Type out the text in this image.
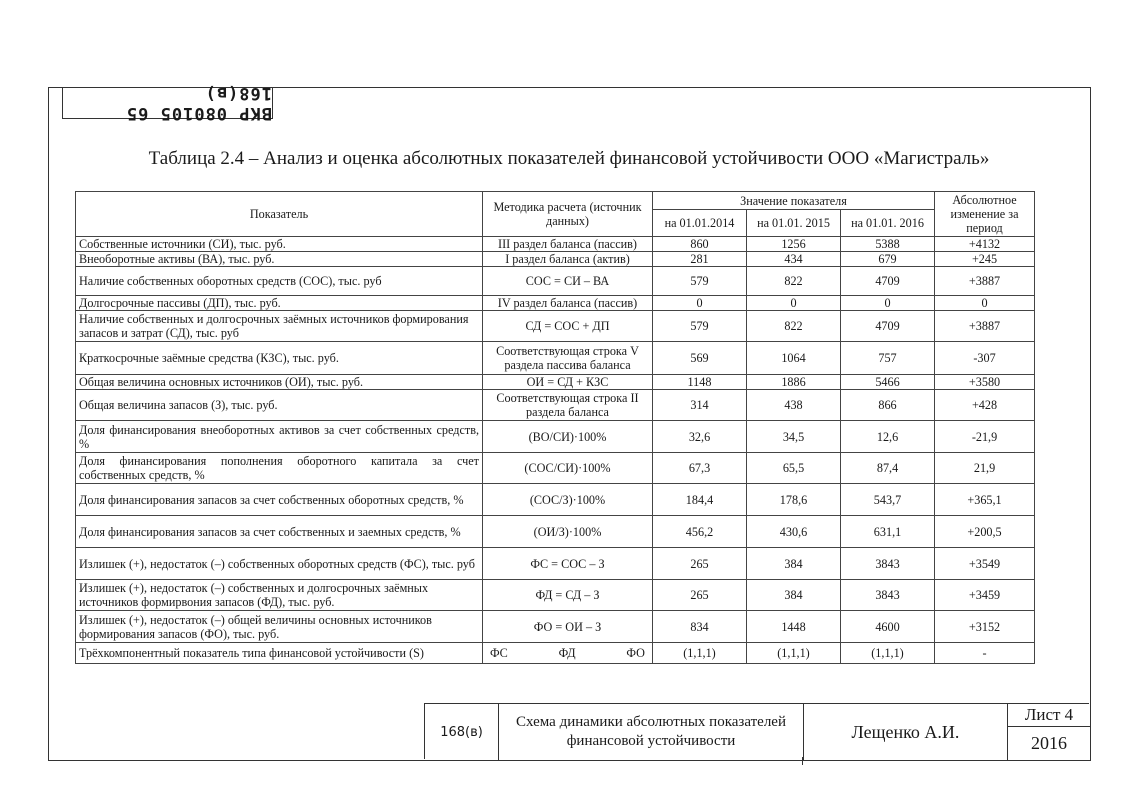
ВКР 080105 65 168(в)
Таблица 2.4 – Анализ и оценка абсолютных показателей финансовой устойчивости ООО «Магистраль»
Показатель	Методика расчета (источник данных)	Значение показателя			Абсолютное изменение за период
		на 01.01.2014	на 01.01. 2015	на 01.01. 2016	
Собственные источники (СИ), тыс. руб.	III раздел баланса (пассив)	860	1256	5388	+4132
Внеоборотные активы (ВА), тыс. руб.	I раздел баланса (актив)	281	434	679	+245
Наличие собственных оборотных средств (СОС), тыс. руб	СОС = СИ – ВА	579	822	4709	+3887
Долгосрочные пассивы (ДП), тыс. руб.	IV раздел баланса (пассив)	0	0	0	0
Наличие собственных и долгосрочных заёмных источников формирования запасов и затрат (СД), тыс. руб	СД = СОС + ДП	579	822	4709	+3887
Краткосрочные заёмные средства (КЗС), тыс. руб.	Соответствующая строка V раздела пассива баланса	569	1064	757	-307
Общая величина основных источников (ОИ), тыс. руб.	ОИ = СД + КЗС	1148	1886	5466	+3580
Общая величина запасов (З), тыс. руб.	Соответствующая строка II раздела баланса	314	438	866	+428
Доля финансирования внеоборотных активов за счет собственных средств, %	(ВО/СИ)·100%	32,6	34,5	12,6	-21,9
Доля финансирования пополнения оборотного капитала за счет собственных средств, %	(СОС/СИ)·100%	67,3	65,5	87,4	21,9
Доля финансирования запасов за счет собственных оборотных средств, %	(СОС/З)·100%	184,4	178,6	543,7	+365,1
Доля финансирования запасов за счет собственных и заемных средств, %	(ОИ/З)·100%	456,2	430,6	631,1	+200,5
Излишек (+), недостаток (–) собственных оборотных средств (ФС), тыс. руб	ФС = СОС – З	265	384	3843	+3549
Излишек (+), недостаток (–) собственных и долгосрочных заёмных источников формирвония запасов (ФД), тыс. руб.	ФД = СД – З	265	384	3843	+3459
Излишек (+), недостаток (–) общей величины основных источников формирования запасов (ФО), тыс. руб.	ФО = ОИ – З	834	1448	4600	+3152
Трёхкомпонентный показатель типа финансовой устойчивости (S)	ФС ФД ФО	(1,1,1)	(1,1,1)	(1,1,1)	-
168(в)
Схема динамики абсолютных показателей финансовой устойчивости	Лещенко А.И.
Лист 4
2016
